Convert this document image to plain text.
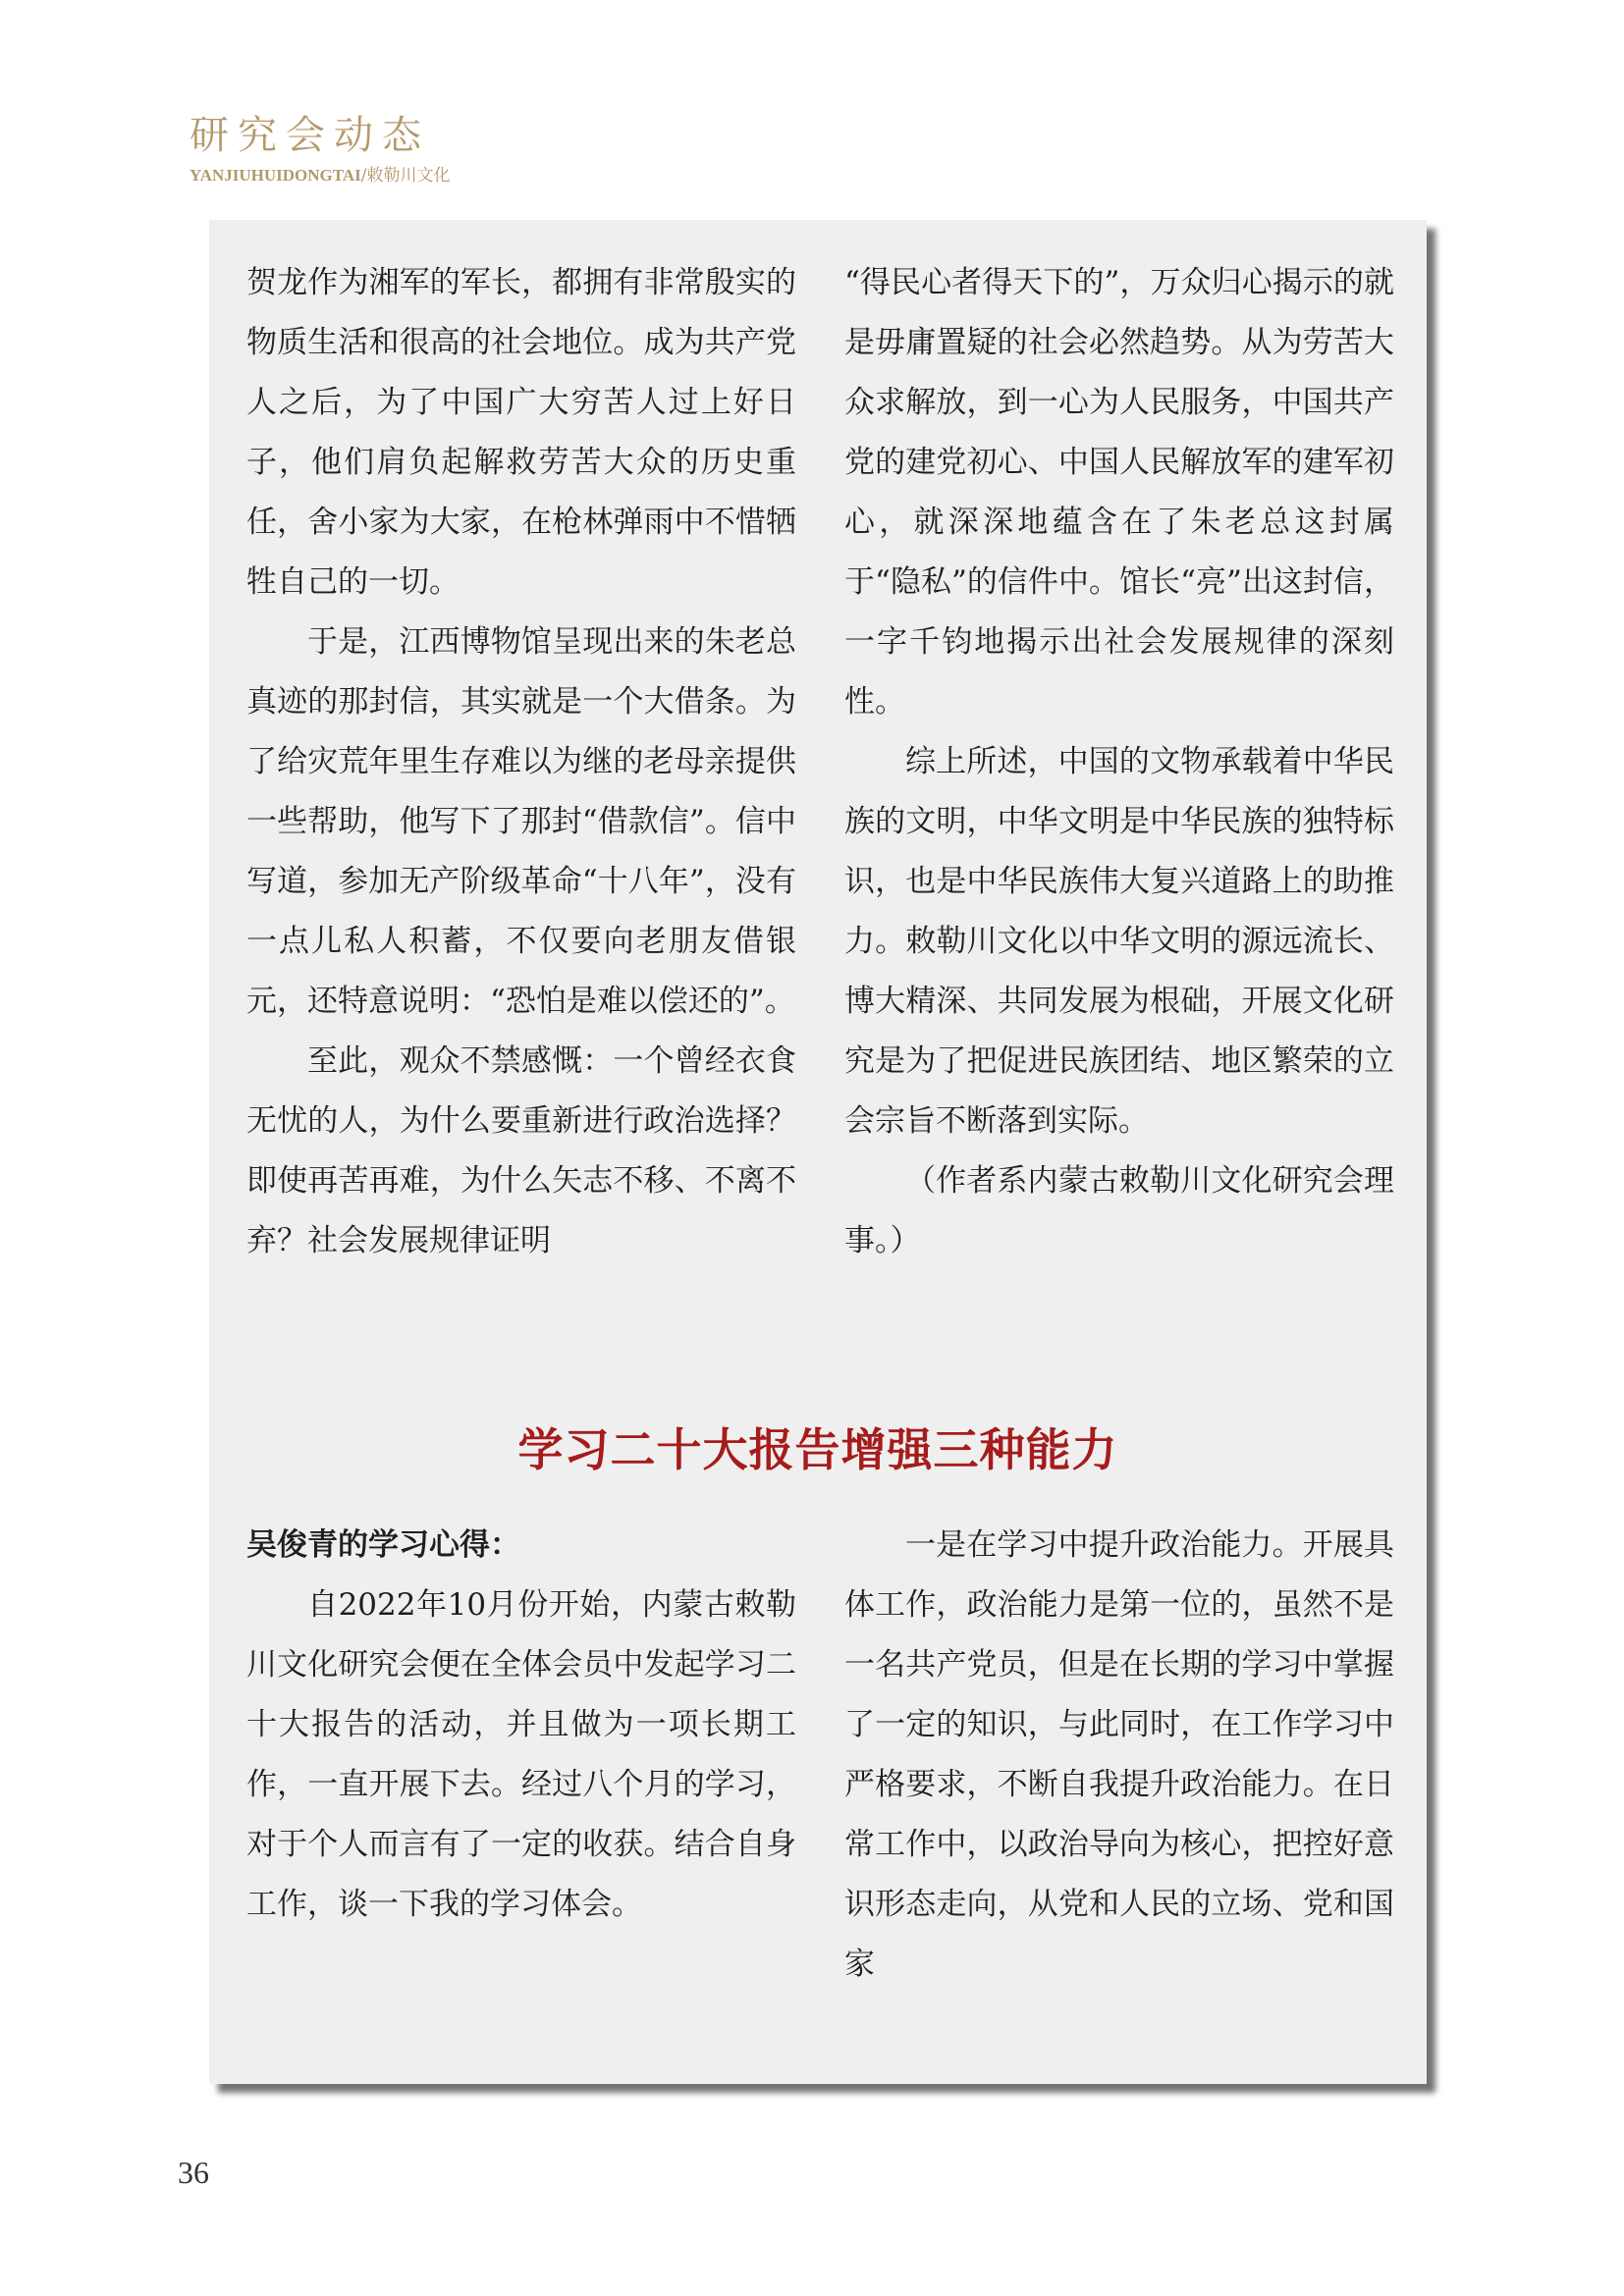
研究会动态
YANJIUHUIDONGTAI/敕勒川文化

贺龙作为湘军的军长，都拥有非常殷实的物质生活和很高的社会地位。成为共产党人之后，为了中国广大穷苦人过上好日子，他们肩负起解救劳苦大众的历史重任，舍小家为大家，在枪林弹雨中不惜牺牲自己的一切。

于是，江西博物馆呈现出来的朱老总真迹的那封信，其实就是一个大借条。为了给灾荒年里生存难以为继的老母亲提供一些帮助，他写下了那封“借款信”。信中写道，参加无产阶级革命“十八年”，没有一点儿私人积蓄，不仅要向老朋友借银元，还特意说明：“恐怕是难以偿还的”。

至此，观众不禁感慨：一个曾经衣食无忧的人，为什么要重新进行政治选择？即使再苦再难，为什么矢志不移、不离不弃？社会发展规律证明

“得民心者得天下的”，万众归心揭示的就是毋庸置疑的社会必然趋势。从为劳苦大众求解放，到一心为人民服务，中国共产党的建党初心、中国人民解放军的建军初心，就深深地蕴含在了朱老总这封属于“隐私”的信件中。馆长“亮”出这封信，一字千钧地揭示出社会发展规律的深刻性。

综上所述，中国的文物承载着中华民族的文明，中华文明是中华民族的独特标识，也是中华民族伟大复兴道路上的助推力。敕勒川文化以中华文明的源远流长、博大精深、共同发展为根础，开展文化研究是为了把促进民族团结、地区繁荣的立会宗旨不断落到实际。

（作者系内蒙古敕勒川文化研究会理事。）

学习二十大报告增强三种能力

吴俊青的学习心得：

自2022年10月份开始，内蒙古敕勒川文化研究会便在全体会员中发起学习二十大报告的活动，并且做为一项长期工作，一直开展下去。经过八个月的学习，对于个人而言有了一定的收获。结合自身工作，谈一下我的学习体会。

一是在学习中提升政治能力。开展具体工作，政治能力是第一位的，虽然不是一名共产党员，但是在长期的学习中掌握了一定的知识，与此同时，在工作学习中严格要求，不断自我提升政治能力。在日常工作中，以政治导向为核心，把控好意识形态走向，从党和人民的立场、党和国家

36
